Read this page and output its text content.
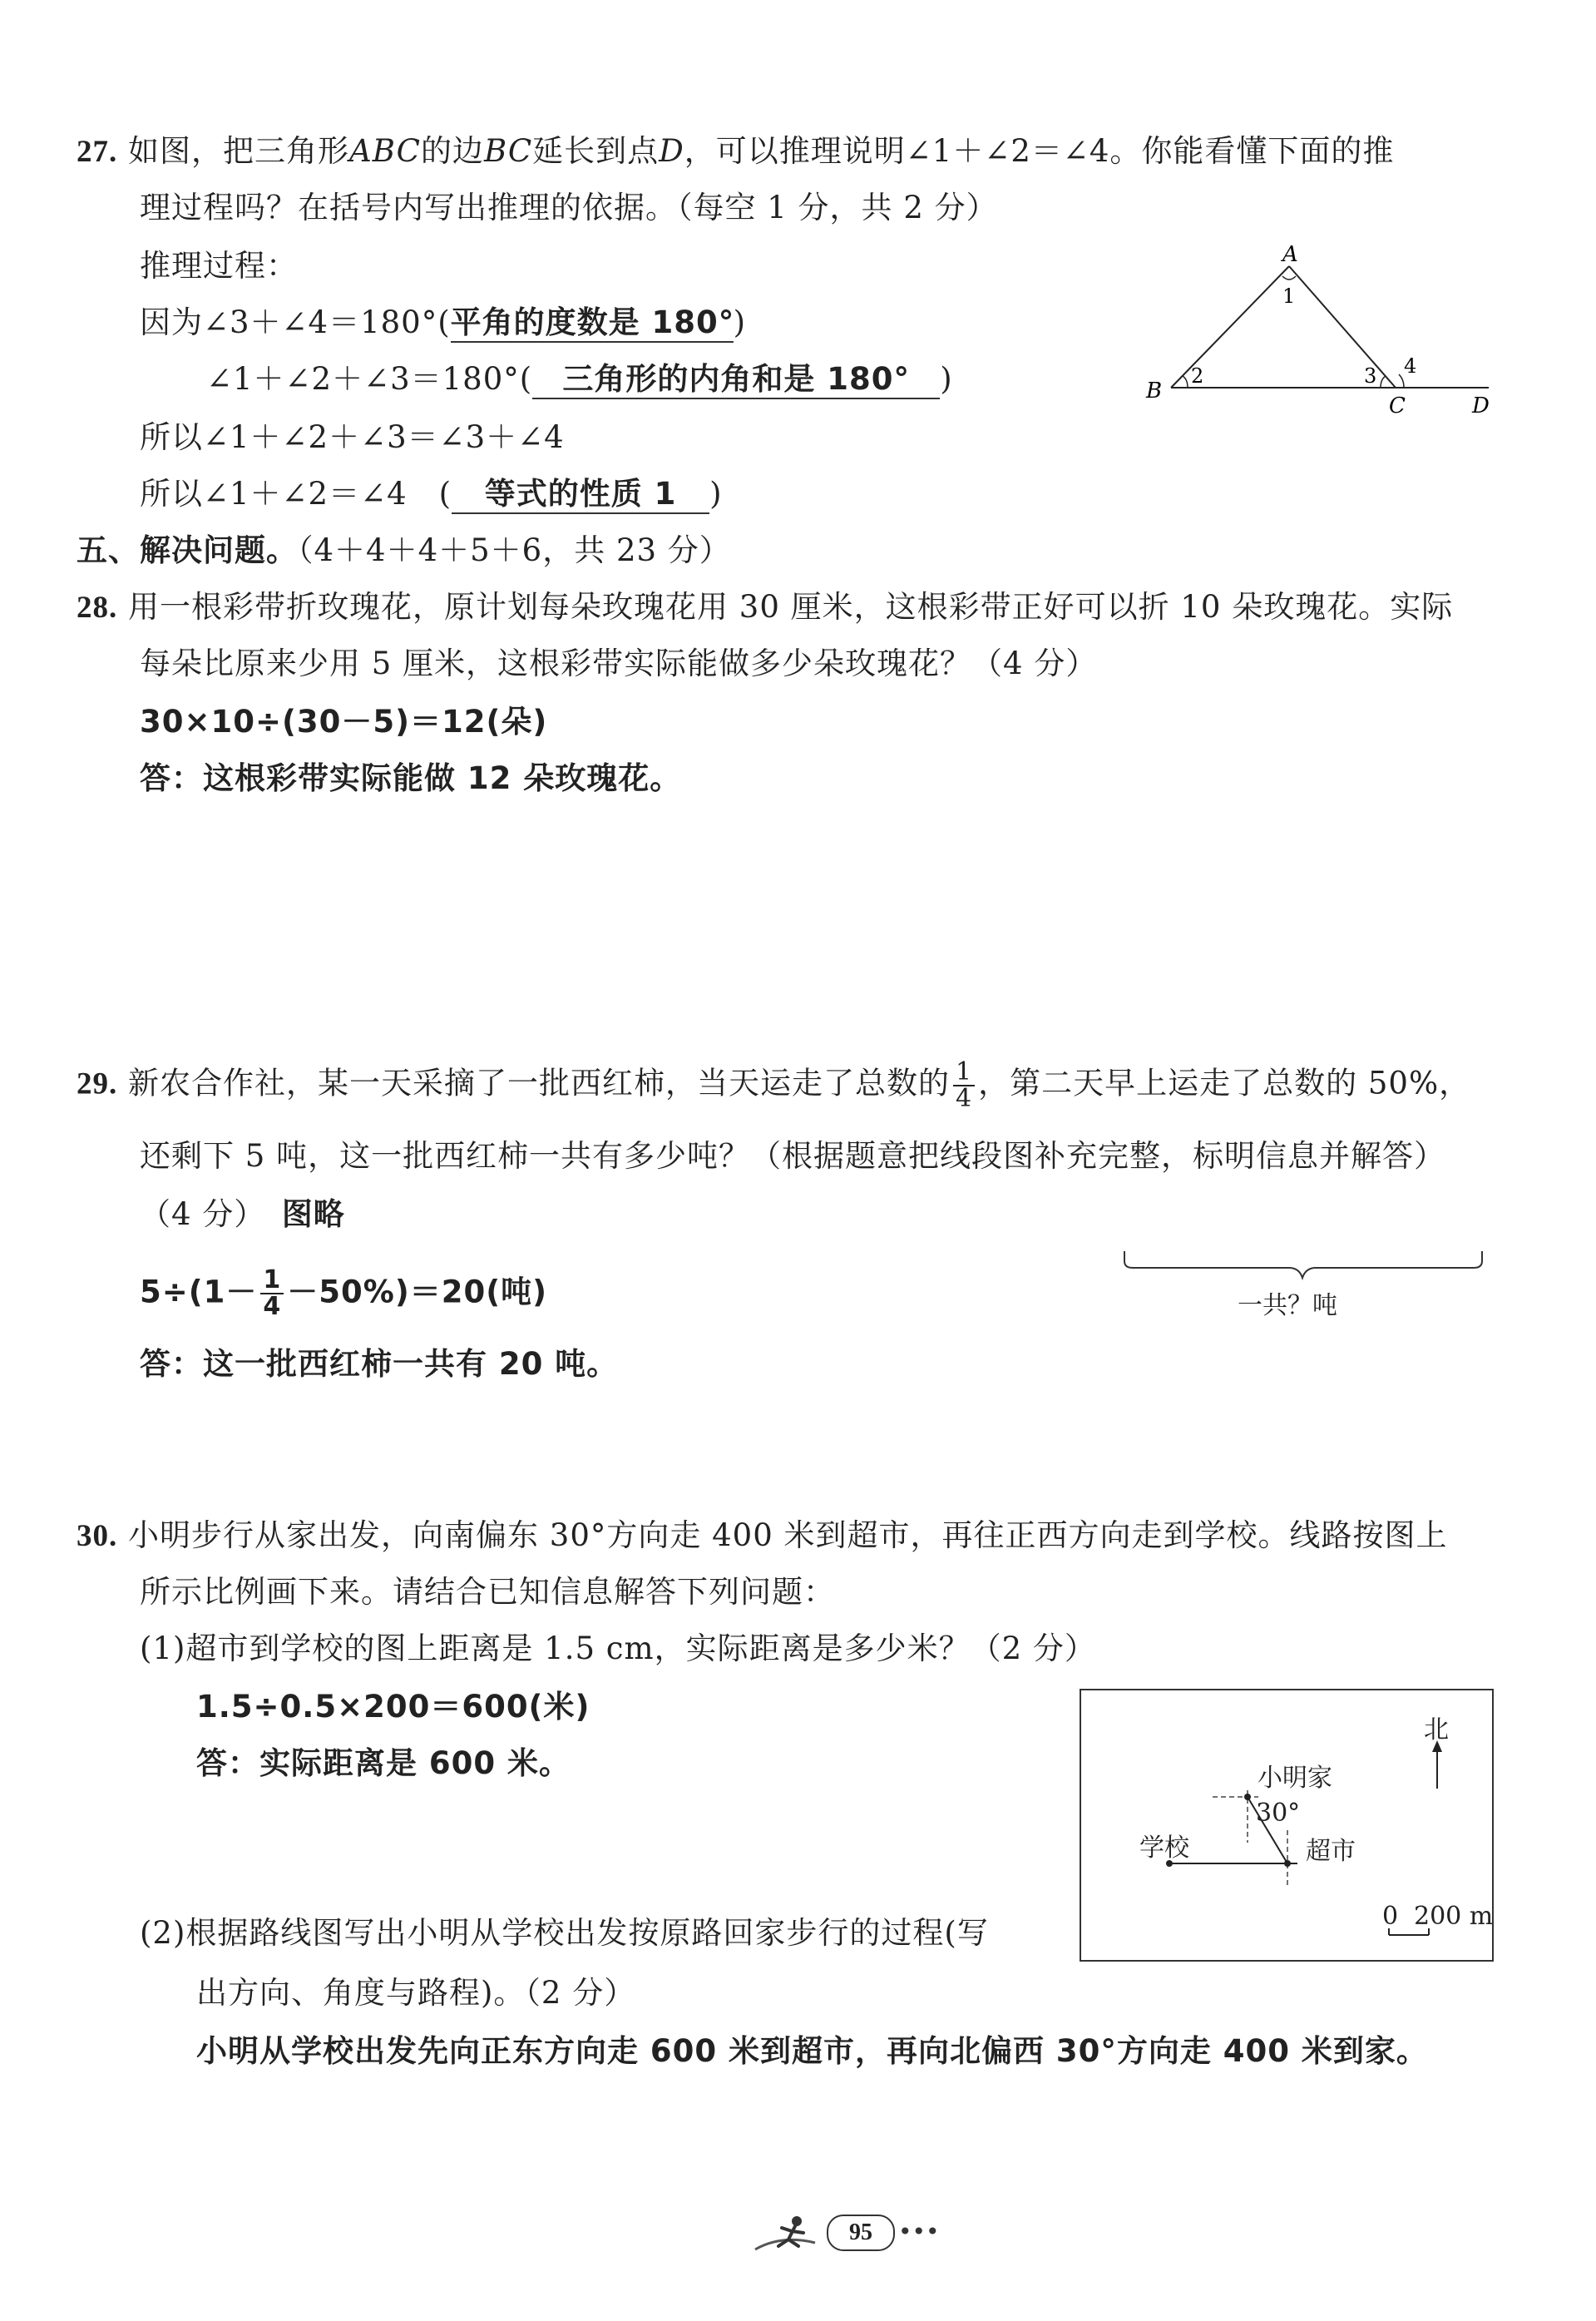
27. 如图，把三角形ABC的边BC延长到点D，可以推理说明∠1＋∠2＝∠4。你能看懂下面的推
理过程吗？在括号内写出推理的依据。（每空 1 分，共 2 分）
推理过程：
因为∠3＋∠4＝180°(平角的度数是 180°)
∠1＋∠2＋∠3＝180°( 三角形的内角和是 180° )
所以∠1＋∠2＋∠3＝∠3＋∠4
所以∠1＋∠2＝∠4　( 等式的性质 1 )
A
B
C	D
1
2	3 4
五、解决问题。（4＋4＋4＋5＋6，共 23 分）
28. 用一根彩带折玫瑰花，原计划每朵玫瑰花用 30 厘米，这根彩带正好可以折 10 朵玫瑰花。实际
每朵比原来少用 5 厘米，这根彩带实际能做多少朵玫瑰花？（4 分）
30×10÷(30－5)＝12(朵)
答：这根彩带实际能做 12 朵玫瑰花。
29. 新农合作社，某一天采摘了一批西红柿，当天运走了总数的 $\frac{1}{4}$ ，第二天早上运走了总数的 50%，
还剩下 5 吨，这一批西红柿一共有多少吨？（根据题意把线段图补充完整，标明信息并解答）
（4 分）　 图略
$5\div(1- \frac{1}{4} -50\%)=20$(吨)
答：这一批西红柿一共有 20 吨。
一共？吨
30. 小明步行从家出发，向南偏东 30°方向走 400 米到超市，再往正西方向走到学校。线路按图上
所示比例画下来。请结合已知信息解答下列问题：
(1)超市到学校的图上距离是 1.5 cm，实际距离是多少米？（2 分）
1.5÷0.5×200＝600(米)
答：实际距离是 600 米。
(2)根据路线图写出小明从学校出发按原路回家步行的过程(写
出方向、角度与路程)。（2 分）
小明从学校出发先向正东方向走 600 米到超市，再向北偏西 30°方向走 400 米到家。
北
小明家
30°
学校	超市
0 200 m
95	•••
